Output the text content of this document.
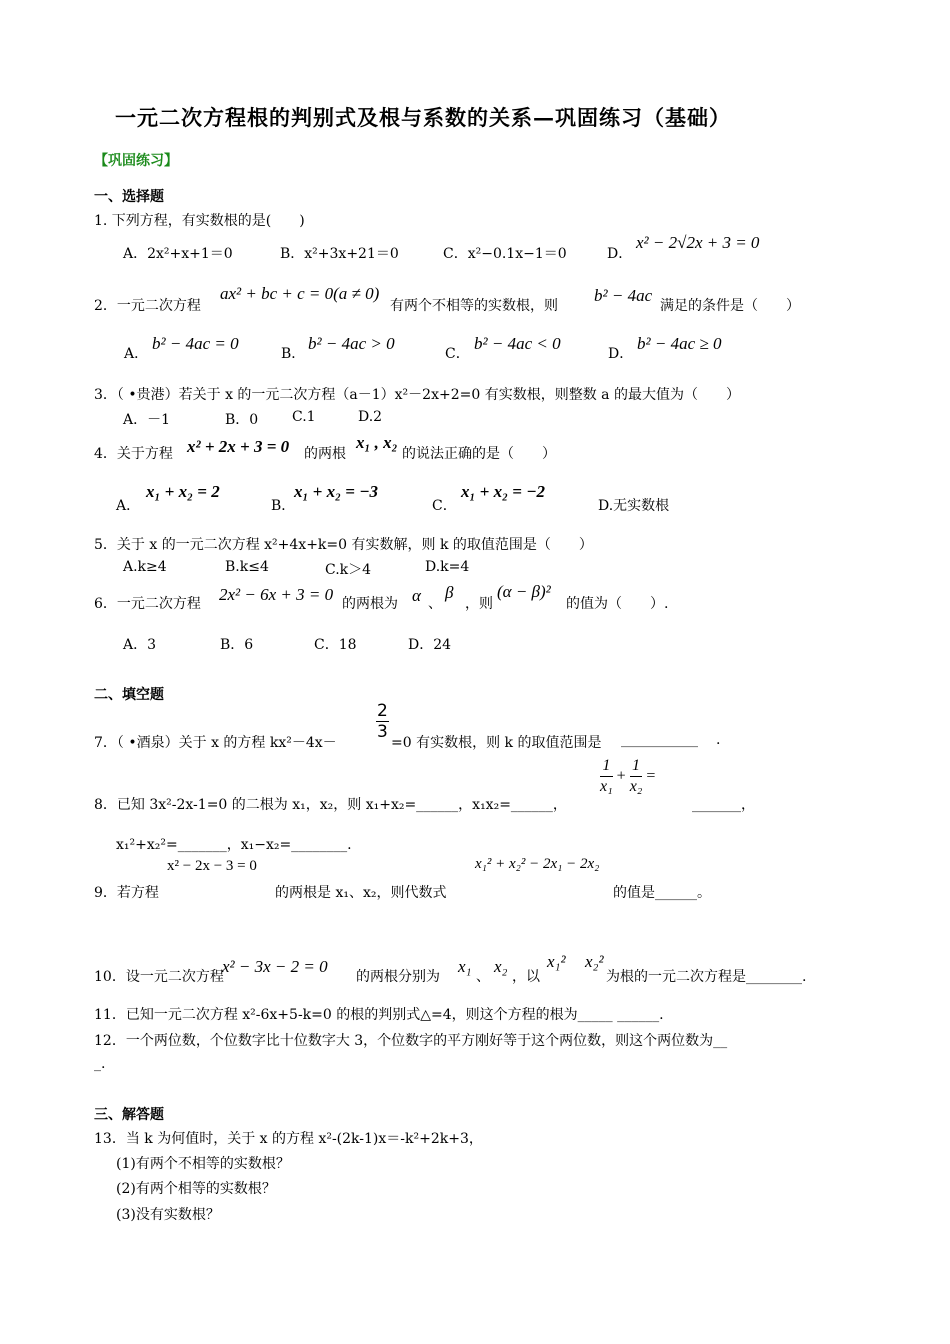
一元二次方程根的判别式及根与系数的关系—巩固练习（基础）
【巩固练习】
一、选择题
1. 下列方程，有实数根的是(　　)
A．2x²+x+1＝0	B．x²+3x+21＝0	C．x²−0.1x−1＝0	D．
x² − 2√2x + 3 = 0
2．一元二次方程
ax² + bc + c = 0(a ≠ 0)
有两个不相等的实数根，则
b² − 4ac
满足的条件是（　　）
A．
b² − 4ac = 0
B．
b² − 4ac > 0
C．
b² − 4ac < 0
D．
b² − 4ac ≥ 0
3．（ •贵港）若关于 x 的一元二次方程（a－1）x²－2x+2=0 有实数根，则整数 a 的最大值为（　　）
A．－1	B．0 C.1	D.2
4．关于方程 x² + 2x + 3 = 0 的两根
x₁ , x₂
的说法正确的是（　　）
A．
x₁ + x₂ = 2
B．
x₁ + x₂ = −3
C．
x₁ + x₂ = −2
D.无实数根
5．关于 x 的一元二次方程 x²+4x+k=0 有实数解，则 k 的取值范围是（　　）
A.k≥4	B.k≤4	C.k＞4	D.k=4
6．一元二次方程 2x² − 6x + 3 = 0 的两根为 α 、
β
，则
(α − β)²
的值为（　　）.
A．3	B．6	C．18	D．24
二、填空题
7．（ •酒泉）关于 x 的方程 kx²－4x－
$\frac{2}{3}$
=0 有实数根，则 k 的取值范围是 ___________ .
8．已知 3x²-2x-1=0 的二根为 x₁，x₂，则 x₁+x₂=______，x₁x₂=______，
$\frac{1}{\text{x₁}} + \frac{1}{\text{x₂}}$ =
_______，
x₁²+x₂²=_______，x₁−x₂=________.
x² − 2x − 3 = 0	x₁² + x₂² − 2x₁ − 2x₂
9．若方程	的两根是 x₁、x₂，则代数式	的值是______。
10．设一元二次方程
x² − 3x − 2 = 0
的两根分别为
x₁
、
x₂
，以
x₁² x₂²
为根的一元二次方程是________.
11．已知一元二次方程 x²-6x+5-k=0 的根的判别式△=4，则这个方程的根为_____ ______.
12．一个两位数，个位数字比十位数字大 3，个位数字的平方刚好等于这个两位数，则这个两位数为__
_.
三、解答题
13．当 k 为何值时，关于 x 的方程 x²-(2k-1)x＝-k²+2k+3，
(1)有两个不相等的实数根？
(2)有两个相等的实数根？
(3)没有实数根？
